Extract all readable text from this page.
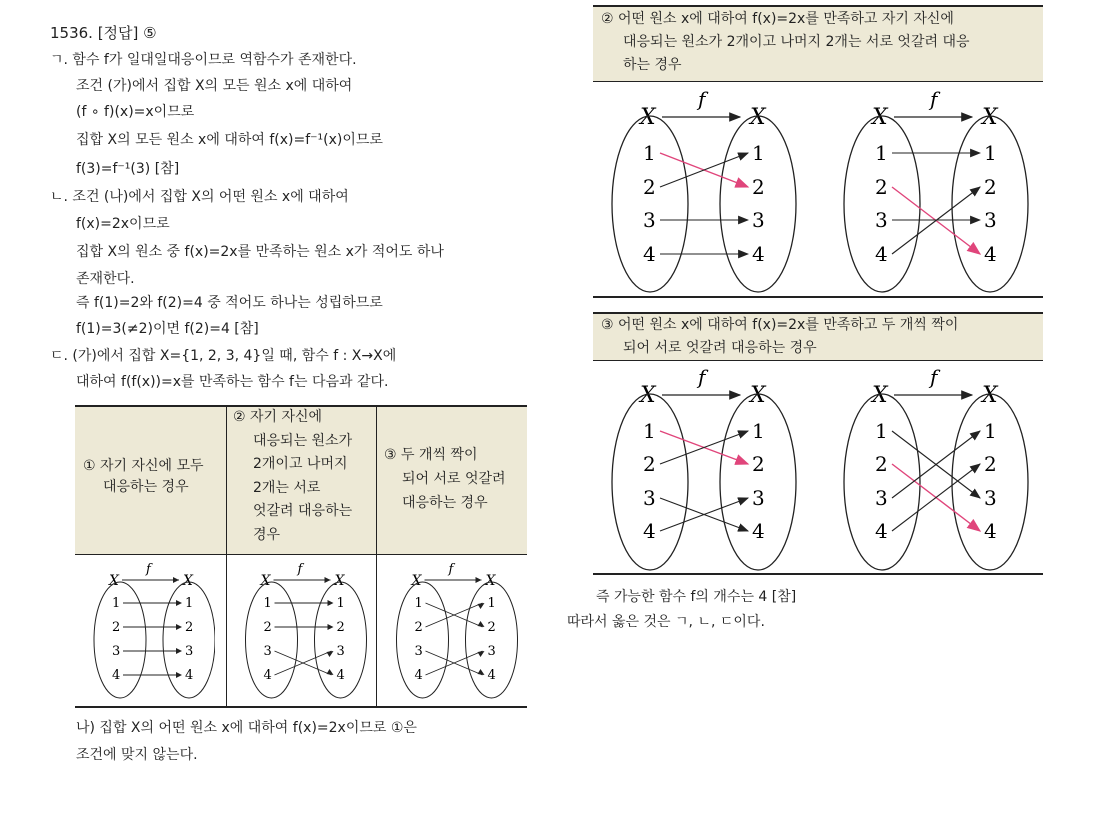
1536. [정답] ⑤
ㄱ. 함수 f가 일대일대응이므로 역함수가 존재한다.
조건 (가)에서 집합 X의 모든 원소 x에 대하여
(f ∘ f)(x)=x이므로
집합 X의 모든 원소 x에 대하여 f(x)=f⁻¹(x)이므로
f(3)=f⁻¹(3) [참]
ㄴ. 조건 (나)에서 집합 X의 어떤 원소 x에 대하여
f(x)=2x이므로
집합 X의 원소 중 f(x)=2x를 만족하는 원소 x가 적어도 하나
존재한다.
즉 f(1)=2와 f(2)=4 중 적어도 하나는 성립하므로
f(1)=3(≠2)이면 f(2)=4 [참]
ㄷ. (가)에서 집합 X={1, 2, 3, 4}일 때, 함수 f : X→X에
대하여 f(f(x))=x를 만족하는 함수 f는 다음과 같다.
① 자기 자신에 모두
대응하는 경우
② 자기 자신에
대응되는 원소가
2개이고 나머지
2개는 서로
엇갈려 대응하는
경우
③ 두 개씩 짝이
되어 서로 엇갈려
대응하는 경우
X	X
f
1
2
3
4
1
2
3
4
X	X
f
1
2
3
4
1
2
3
4
X	X
f
1
2
3
4
1
2
3
4
나) 집합 X의 어떤 원소 x에 대하여 f(x)=2x이므로 ①은
조건에 맞지 않는다.
② 어떤 원소 x에 대하여 f(x)=2x를 만족하고 자기 자신에
대응되는 원소가 2개이고 나머지 2개는 서로 엇갈려 대응
하는 경우
X	X
f
1
2
3
4
1
2
3
4
X	X
f
1
2
3
4
1
2
3
4
③ 어떤 원소 x에 대하여 f(x)=2x를 만족하고 두 개씩 짝이
되어 서로 엇갈려 대응하는 경우
X	X
f
1
2
3
4
1
2
3
4
X	X
f
1
2
3
4
1
2
3
4
즉 가능한 함수 f의 개수는 4 [참]
따라서 옳은 것은 ㄱ, ㄴ, ㄷ이다.
